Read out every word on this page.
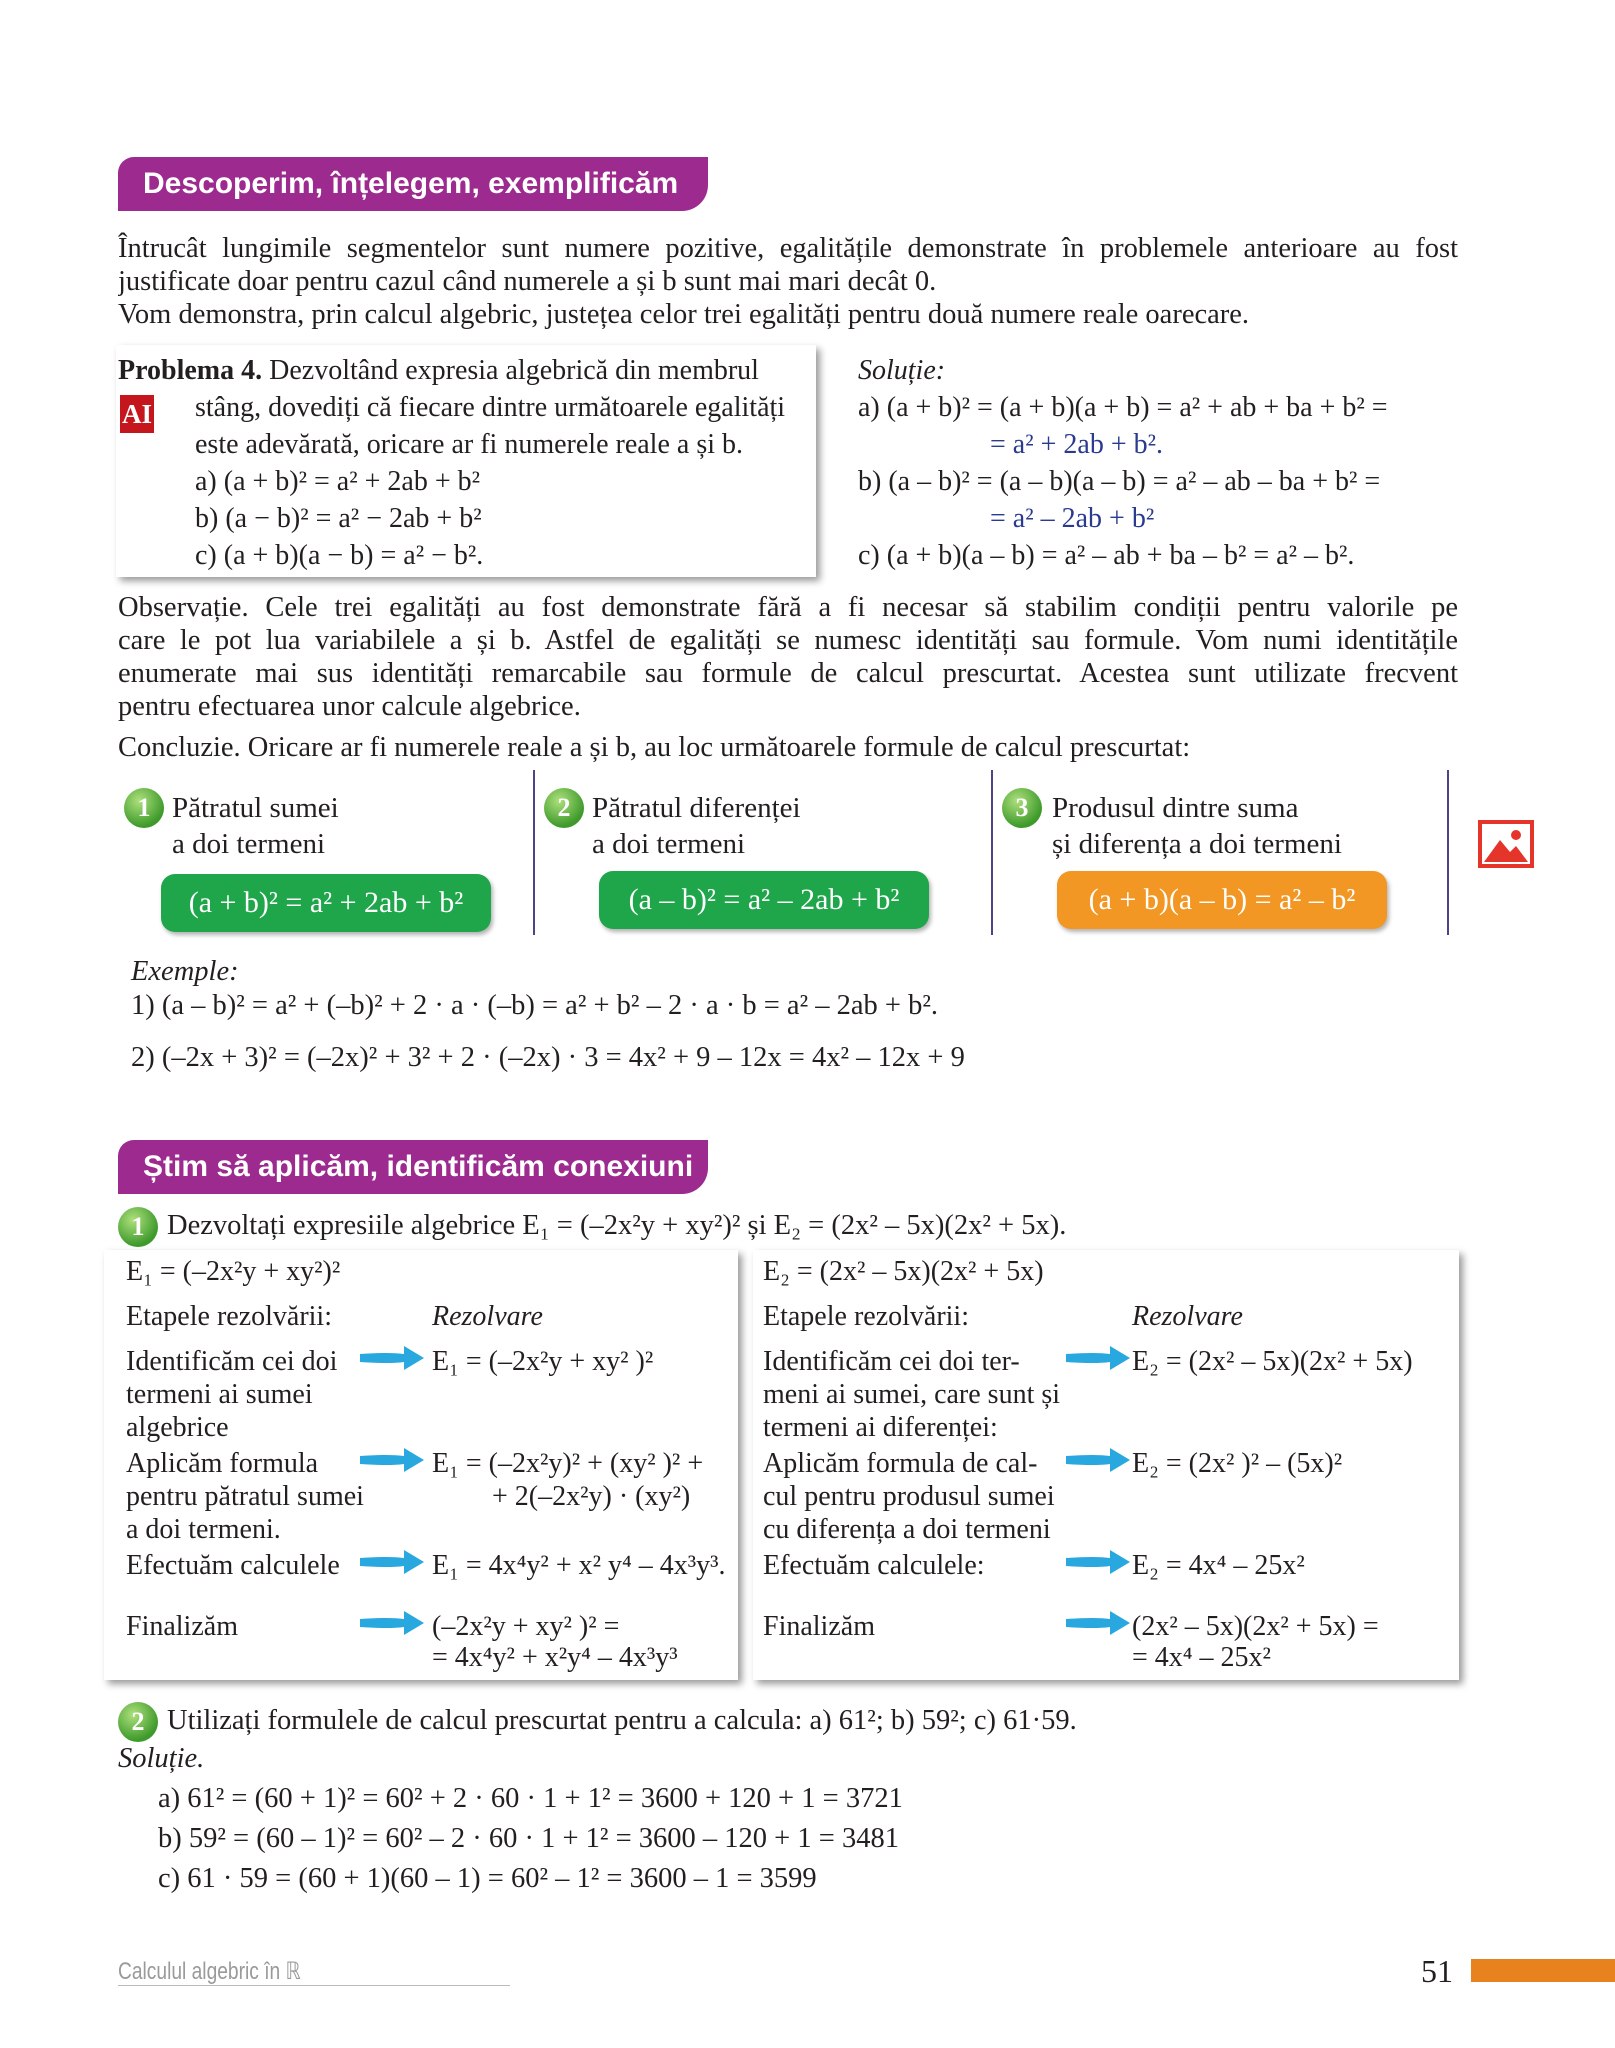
Descoperim, înțelegem, exemplificăm
Întrucât lungimile segmentelor sunt numere pozitive, egalitățile demonstrate în problemele anterioare au fost
justificate doar pentru cazul când numerele a și b sunt mai mari decât 0.
Vom demonstra, prin calcul algebric, justețea celor trei egalități pentru două numere reale oarecare.
AI
Problema 4. Dezvoltând expresia algebrică din membrul
stâng, dovediți că fiecare dintre următoarele egalități
este adevărată, oricare ar fi numerele reale a și b.
a) (a + b)² = a² + 2ab + b²
b) (a − b)² = a² − 2ab + b²
c) (a + b)(a − b) = a² − b².
Soluție:
a) (a + b)² = (a + b)(a + b) = a² + ab + ba + b² =
= a² + 2ab + b².
b) (a – b)² = (a – b)(a – b) = a² – ab – ba + b² =
= a² – 2ab + b²
c) (a + b)(a – b) = a² – ab + ba – b² = a² – b².
Observație. Cele trei egalități au fost demonstrate fără a fi necesar să stabilim condiții pentru valorile pe
care le pot lua variabilele a și b. Astfel de egalități se numesc identități sau formule. Vom numi identitățile
enumerate mai sus identități remarcabile sau formule de calcul prescurtat. Acestea sunt utilizate frecvent
pentru efectuarea unor calcule algebrice.
Concluzie. Oricare ar fi numerele reale a și b, au loc următoarele formule de calcul prescurtat:
1 Pătratul sumei
a doi termeni
(a + b)² = a² + 2ab + b²
2 Pătratul diferenței
a doi termeni
(a – b)² = a² – 2ab + b²
3 Produsul dintre suma
și diferența a doi termeni
(a + b)(a – b) = a² – b²
Exemple:
1) (a – b)² = a² + (–b)² + 2 · a · (–b) = a² + b² – 2 · a · b = a² – 2ab + b².
2) (–2x + 3)² = (–2x)² + 3² + 2 · (–2x) · 3 = 4x² + 9 – 12x = 4x² – 12x + 9
Știm să aplicăm, identificăm conexiuni
1 Dezvoltați expresiile algebrice E₁ = (–2x²y + xy²)² și E₂ = (2x² – 5x)(2x² + 5x).
E₁ = (–2x²y + xy²)²
Etapele rezolvării:	Rezolvare
Identificăm cei doi
termeni ai sumei
algebrice
E₁ = (–2x²y + xy² )²
Aplicăm formula
pentru pătratul sumei
a doi termeni.
E₁ = (–2x²y)² + (xy² )² +
+ 2(–2x²y) · (xy²)
Efectuăm calculele	E₁ = 4x⁴y² + x² y⁴ – 4x³y³.
Finalizăm	(–2x²y + xy² )² =
= 4x⁴y² + x²y⁴ – 4x³y³
E₂ = (2x² – 5x)(2x² + 5x)
Etapele rezolvării:	Rezolvare
Identificăm cei doi ter-
meni ai sumei, care sunt și
termeni ai diferenței:
E₂ = (2x² – 5x)(2x² + 5x)
Aplicăm formula de cal-
cul pentru produsul sumei
cu diferența a doi termeni
E₂ = (2x² )² – (5x)²
Efectuăm calculele:	E₂ = 4x⁴ – 25x²
Finalizăm	(2x² – 5x)(2x² + 5x) =
= 4x⁴ – 25x²
2 Utilizați formulele de calcul prescurtat pentru a calcula: a) 61²; b) 59²; c) 61·59.
Soluție.
a) 61² = (60 + 1)² = 60² + 2 · 60 · 1 + 1² = 3600 + 120 + 1 = 3721
b) 59² = (60 – 1)² = 60² – 2 · 60 · 1 + 1² = 3600 – 120 + 1 = 3481
c) 61 · 59 = (60 + 1)(60 – 1) = 60² – 1² = 3600 – 1 = 3599
Calculul algebric în ℝ	51
